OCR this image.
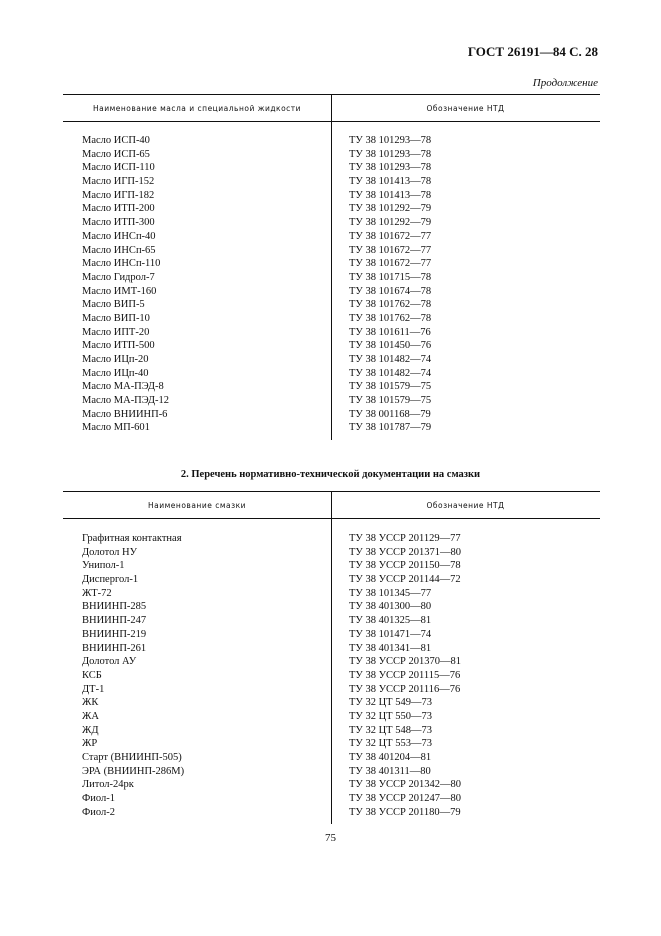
ГОСТ 26191—84 С. 28
Продолжение
Наименование масла и специальной жидкости	Обозначение НТД
Масло ИСП-40	ТУ 38 101293—78
Масло ИСП-65	ТУ 38 101293—78
Масло ИСП-110	ТУ 38 101293—78
Масло ИГП-152	ТУ 38 101413—78
Масло ИГП-182	ТУ 38 101413—78
Масло ИТП-200	ТУ 38 101292—79
Масло ИТП-300	ТУ 38 101292—79
Масло ИНСп-40	ТУ 38 101672—77
Масло ИНСп-65	ТУ 38 101672—77
Масло ИНСп-110	ТУ 38 101672—77
Масло Гидрол-7	ТУ 38 101715—78
Масло ИМТ-160	ТУ 38 101674—78
Масло ВИП-5	ТУ 38 101762—78
Масло ВИП-10	ТУ 38 101762—78
Масло ИПТ-20	ТУ 38 101611—76
Масло ИТП-500	ТУ 38 101450—76
Масло ИЦп-20	ТУ 38 101482—74
Масло ИЦп-40	ТУ 38 101482—74
Масло МА-ПЭД-8	ТУ 38 101579—75
Масло МА-ПЭД-12	ТУ 38 101579—75
Масло ВНИИНП-6	ТУ 38 001168—79
Масло МП-601	ТУ 38 101787—79
2. Перечень нормативно-технической документации на смазки
Наименование смазки	Обозначение НТД
Графитная контактная	ТУ 38 УССР 201129—77
Долотол НУ	ТУ 38 УССР 201371—80
Унипол-1	ТУ 38 УССР 201150—78
Диспергол-1	ТУ 38 УССР 201144—72
ЖТ-72	ТУ 38 101345—77
ВНИИНП-285	ТУ 38 401300—80
ВНИИНП-247	ТУ 38 401325—81
ВНИИНП-219	ТУ 38 101471—74
ВНИИНП-261	ТУ 38 401341—81
Долотол АУ	ТУ 38 УССР 201370—81
КСБ	ТУ 38 УССР 201115—76
ДТ-1	ТУ 38 УССР 201116—76
ЖК	ТУ 32 ЦТ 549—73
ЖА	ТУ 32 ЦТ 550—73
ЖД	ТУ 32 ЦТ 548—73
ЖР	ТУ 32 ЦТ 553—73
Старт (ВНИИНП-505)	ТУ 38 401204—81
ЭРА (ВНИИНП-286М)	ТУ 38 401311—80
Литол-24рк	ТУ 38 УССР 201342—80
Фиол-1	ТУ 38 УССР 201247—80
Фиол-2	ТУ 38 УССР 201180—79
75
